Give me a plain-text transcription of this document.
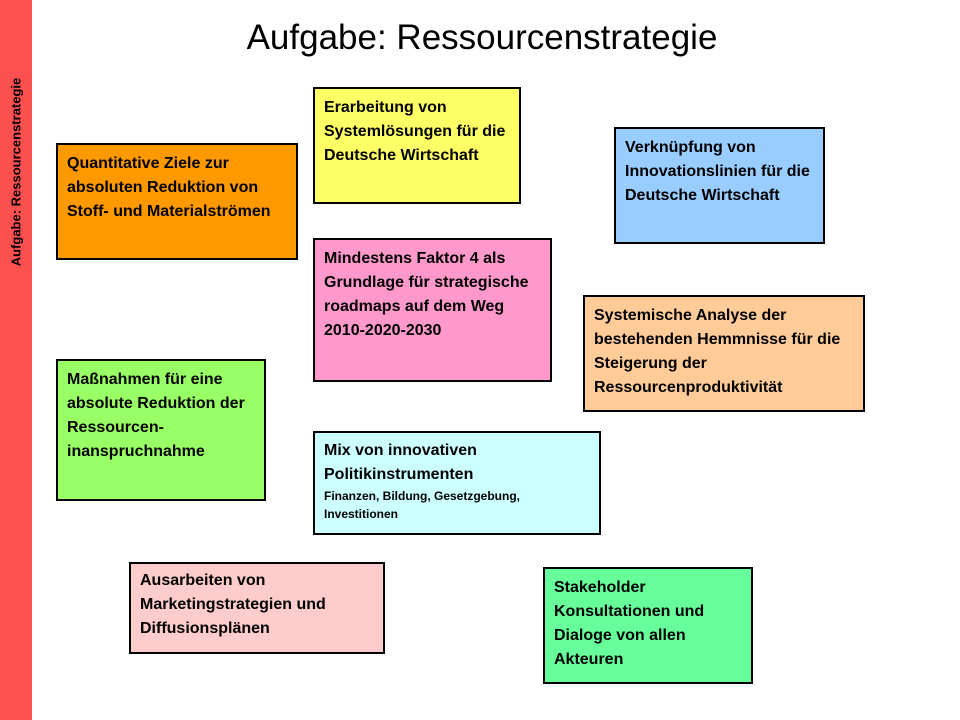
Aufgabe: Ressourcenstrategie
Aufgabe: Ressourcenstrategie
Quantitative Ziele zur absoluten Reduktion von Stoff- und Materialströmen
Erarbeitung von Systemlösungen für die Deutsche Wirtschaft	Verknüpfung von Innovationslinien für die Deutsche Wirtschaft
Mindestens Faktor 4 als Grundlage für strategische roadmaps auf dem Weg 2010-2020-2030
Systemische Analyse der bestehenden Hemmnisse für die Steigerung der Ressourcenproduktivität
Maßnahmen für eine absolute Reduktion der Ressourcen-inanspruchnahme	Mix von innovativen Politikinstrumenten
Finanzen, Bildung, Gesetzgebung, Investitionen
Ausarbeiten von Marketingstrategien und Diffusionsplänen
Stakeholder Konsultationen und Dialoge von allen Akteuren
